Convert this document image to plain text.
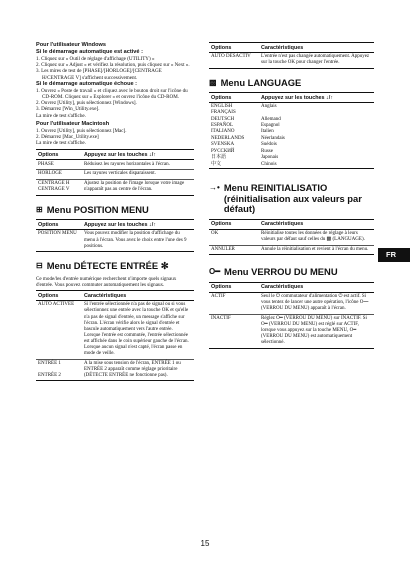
Pour l'utilisateur Windows
Si le démarrage automatique est activé :
1. Cliquez sur « Outil de réglage d'affichage (UTILITY) »
2. Cliquez sur « Adjust » et vérifiez la résolution, puis cliquez sur « Next ».
3. Les mires de test de [PHASE]/[HORLOGE]/[CENTRAGE H/CENTRAGE V] s'affichent successivement.
Si le démarrage automatique échoue :
1. Ouvrez « Poste de travail » et cliquez avec le bouton droit sur l'icône du CD-ROM. Cliquez sur « Explorer » et ouvrez l'icône du CD-ROM.
2. Ouvrez [Utility], puis sélectionnez [Windows].
3. Démarrez [Win_Utility.exe].
La mire de test s'affiche.
Pour l'utilisateur Macintosh
1. Ouvrez [Utility], puis sélectionnez [Mac].
2. Démarrez [Mac_Utility.exe]
La mire de test s'affiche.
Options	Appuyez sur les touches ↓/↑
PHASE	Réduisez les rayures horizontales à l'écran.
HORLOGE	Les rayures verticales disparaissent.
CENTRAGE H
CENTRAGE V	Ajustez la position de l'image lorsque votre image n'apparaît pas au centre de l'écran.
⊞ Menu POSITION MENU
Options	Appuyez sur les touches ↓/↑
POSITION MENU	Vous pouvez modifier la position d'affichage du menu à l'écran. Vous avez le choix entre l'une des 9 positions.
⊟ Menu DÉTECTE ENTRÉE ✻
Ce mode/les d'entrée numérique recherchent n'importe quels signaux d'entrée. Vous pouvez commuter automatiquement les signaux.
Options	Caractéristiques
AUTO ACTIVÉE	Si l'entrée sélectionnée n'a pas de signal ou si vous sélectionnez une entrée avec la touche OK et qu'elle n'a pas de signal d'entrée, un message s'affiche sur l'écran. L'écran vérifie alors le signal d'entrée et bascule automatiquement vers l'autre entrée.
Lorsque l'entrée est commutée, l'entrée sélectionnée est affichée dans le coin supérieur gauche de l'écran.
Lorsque aucun signal n'est capté, l'écran passe en mode de veille.
ENTRÉE 1

ENTRÉE 2	A la mise sous tension de l'écran, ENTRÉE 1 ou ENTRÉE 2 apparaît comme réglage prioritaire (DÉTECTE ENTRÉE ne fonctionne pas).
Options	Caractéristiques
AUTO DESACTIV	L'entrée n'est pas changée automatiquement. Appuyez sur la touche OK pour changer l'entrée.
▩ Menu LANGUAGE
Options	Appuyez sur les touches ↓/↑
ENGLISH	Anglais
FRANÇAIS	
DEUTSCH	Allemand
ESPAÑOL	Espagnol
ITALIANO	Italien
NEDERLANDS	Néerlandais
SVENSKA	Suédois
РУССКИЙ	Russe
日本語	Japonais
中文	Chinois
→• Menu REINITIALISATIO (réinitialisation aux valeurs par défaut)
Options	Caractéristiques
OK	Réinitialise toutes les données de réglage à leurs valeurs par défaut sauf celles du ▩ (LANGUAGE).
ANNULER	Annule la réinitialisation et revient à l'écran du menu.
O━ Menu VERROU DU MENU
Options	Caractéristiques
ACTIF	Seul le ⏻ commutateur d'alimentation ⏻ est actif. Si vous tentez de lancer une autre opération, l'icône O━ (VERROU DU MENU) apparaît à l'écran.
INACTIF	Réglez O━ (VERROU DU MENU) sur INACTIF. Si O━ (VERROU DU MENU) est réglé sur ACTIF, lorsque vous appuyez sur la touche MENU, O━ (VERROU DU MENU) est automatiquement sélectionné.
FR
15
